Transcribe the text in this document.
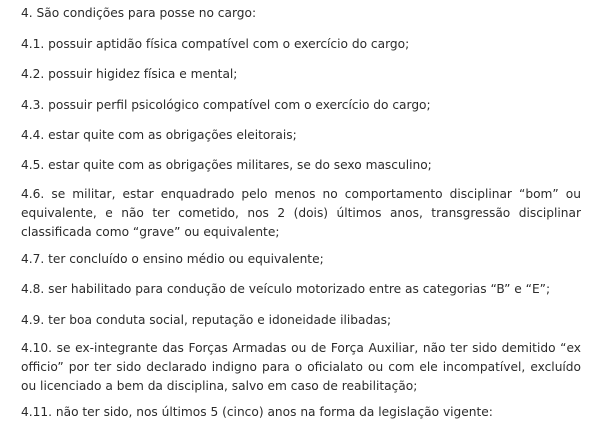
4. São condições para posse no cargo:

4.1. possuir aptidão física compatível com o exercício do cargo;

4.2. possuir higidez física e mental;

4.3. possuir perfil psicológico compatível com o exercício do cargo;

4.4. estar quite com as obrigações eleitorais;

4.5. estar quite com as obrigações militares, se do sexo masculino;

4.6. se militar, estar enquadrado pelo menos no comportamento disciplinar “bom” ou equivalente, e não ter cometido, nos 2 (dois) últimos anos, transgressão disciplinar classificada como “grave” ou equivalente;

4.7. ter concluído o ensino médio ou equivalente;

4.8. ser habilitado para condução de veículo motorizado entre as categorias “B” e “E”;

4.9. ter boa conduta social, reputação e idoneidade ilibadas;

4.10. se ex-integrante das Forças Armadas ou de Força Auxiliar, não ter sido demitido “ex officio” por ter sido declarado indigno para o oficialato ou com ele incompatível, excluído ou licenciado a bem da disciplina, salvo em caso de reabilitação;

4.11. não ter sido, nos últimos 5 (cinco) anos na forma da legislação vigente:
